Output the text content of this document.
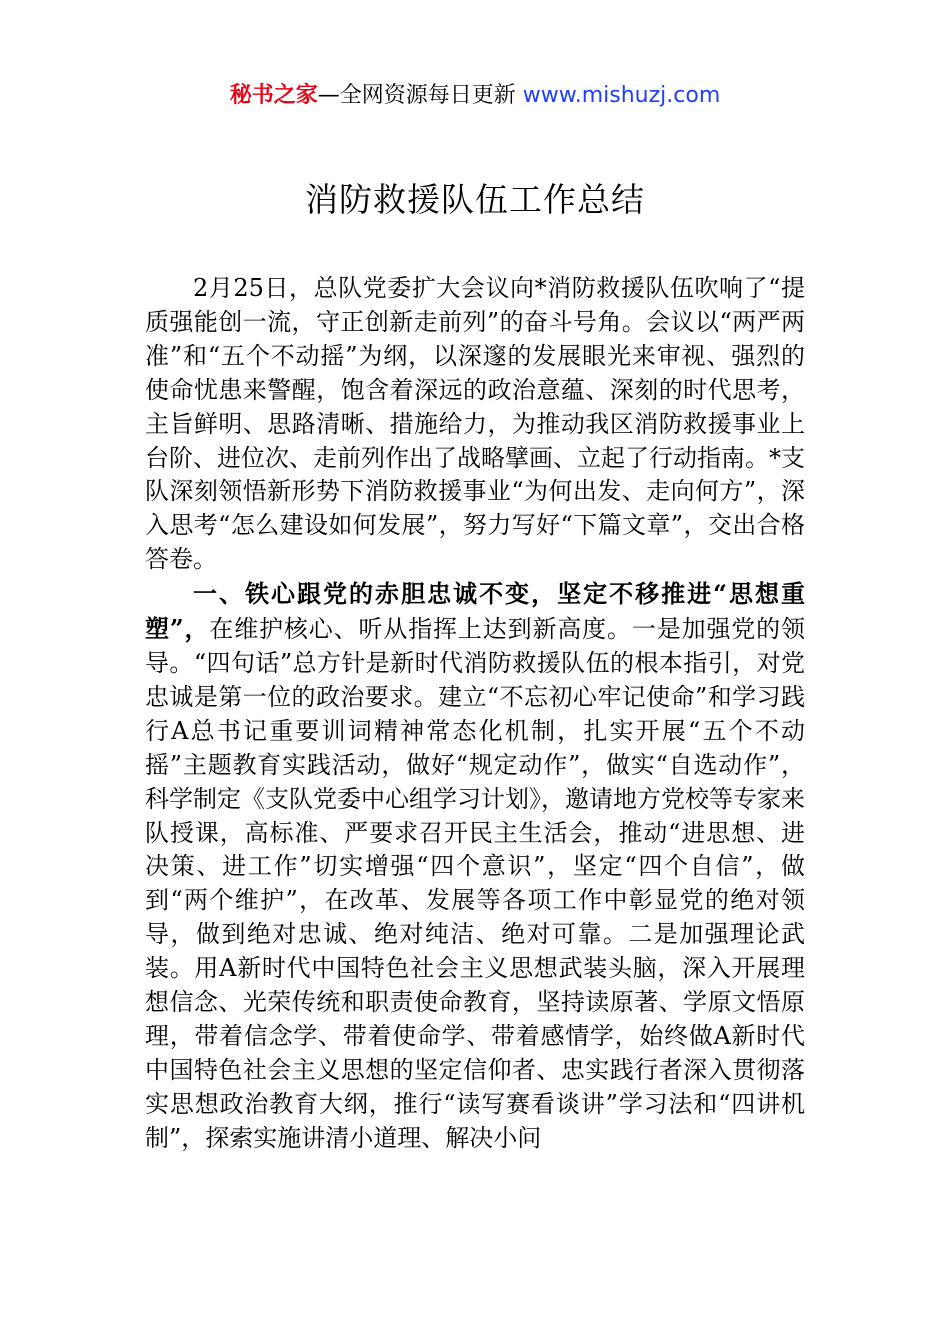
秘书之家—全网资源每日更新 www.mishuzj.com
消防救援队伍工作总结

2月25日，总队党委扩大会议向*消防救援队伍吹响了“提质强能创一流，守正创新走前列”的奋斗号角。会议以“两严两准”和“五个不动摇”为纲，以深邃的发展眼光来审视、强烈的使命忧患来警醒，饱含着深远的政治意蕴、深刻的时代思考，主旨鲜明、思路清晰、措施给力，为推动我区消防救援事业上台阶、进位次、走前列作出了战略擘画、立起了行动指南。*支队深刻领悟新形势下消防救援事业“为何出发、走向何方”，深入思考“怎么建设如何发展”，努力写好“下篇文章”，交出合格答卷。

一、铁心跟党的赤胆忠诚不变，坚定不移推进“思想重塑”，在维护核心、听从指挥上达到新高度。一是加强党的领导。“四句话”总方针是新时代消防救援队伍的根本指引，对党忠诚是第一位的政治要求。建立“不忘初心牢记使命”和学习践行A总书记重要训词精神常态化机制，扎实开展“五个不动摇”主题教育实践活动，做好“规定动作”，做实“自选动作”，科学制定《支队党委中心组学习计划》，邀请地方党校等专家来队授课，高标准、严要求召开民主生活会，推动“进思想、进决策、进工作”切实增强“四个意识”，坚定“四个自信”，做到“两个维护”，在改革、发展等各项工作中彰显党的绝对领导，做到绝对忠诚、绝对纯洁、绝对可靠。二是加强理论武装。用A新时代中国特色社会主义思想武装头脑，深入开展理想信念、光荣传统和职责使命教育，坚持读原著、学原文悟原理，带着信念学、带着使命学、带着感情学，始终做A新时代中国特色社会主义思想的坚定信仰者、忠实践行者深入贯彻落实思想政治教育大纲，推行“读写赛看谈讲”学习法和“四讲机制”，探索实施讲清小道理、解决小问
